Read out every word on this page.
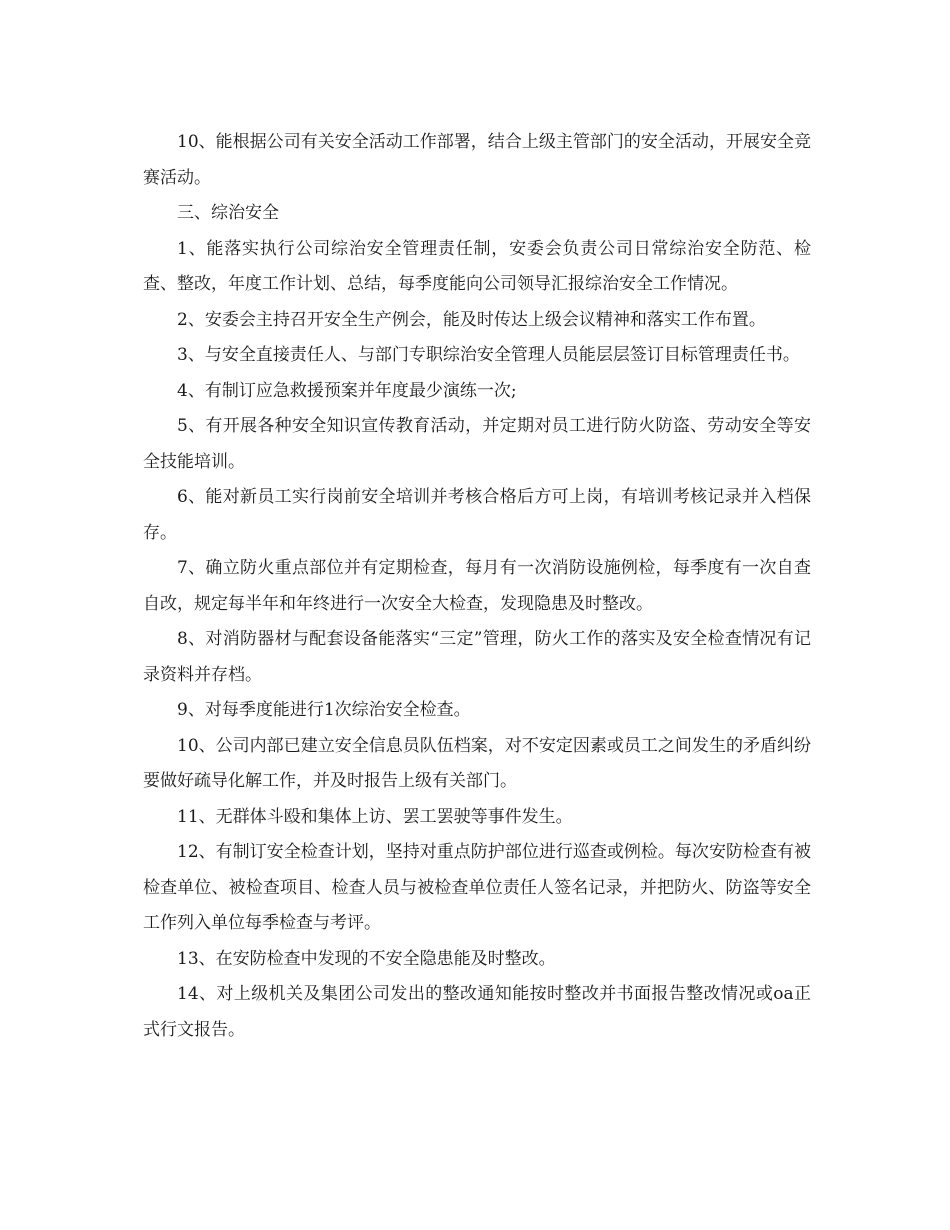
10、能根据公司有关安全活动工作部署，结合上级主管部门的安全活动，开展安全竞赛活动。

三、综治安全

1、能落实执行公司综治安全管理责任制，安委会负责公司日常综治安全防范、检查、整改，年度工作计划、总结，每季度能向公司领导汇报综治安全工作情况。

2、安委会主持召开安全生产例会，能及时传达上级会议精神和落实工作布置。

3、与安全直接责任人、与部门专职综治安全管理人员能层层签订目标管理责任书。

4、有制订应急救援预案并年度最少演练一次;

5、有开展各种安全知识宣传教育活动，并定期对员工进行防火防盗、劳动安全等安全技能培训。

6、能对新员工实行岗前安全培训并考核合格后方可上岗，有培训考核记录并入档保存。

7、确立防火重点部位并有定期检查，每月有一次消防设施例检，每季度有一次自查自改，规定每半年和年终进行一次安全大检查，发现隐患及时整改。

8、对消防器材与配套设备能落实“三定”管理，防火工作的落实及安全检查情况有记录资料并存档。

9、对每季度能进行1次综治安全检查。

10、公司内部已建立安全信息员队伍档案，对不安定因素或员工之间发生的矛盾纠纷要做好疏导化解工作，并及时报告上级有关部门。

11、无群体斗殴和集体上访、罢工罢驶等事件发生。

12、有制订安全检查计划，坚持对重点防护部位进行巡查或例检。每次安防检查有被检查单位、被检查项目、检查人员与被检查单位责任人签名记录，并把防火、防盗等安全工作列入单位每季检查与考评。

13、在安防检查中发现的不安全隐患能及时整改。

14、对上级机关及集团公司发出的整改通知能按时整改并书面报告整改情况或oa正式行文报告。
